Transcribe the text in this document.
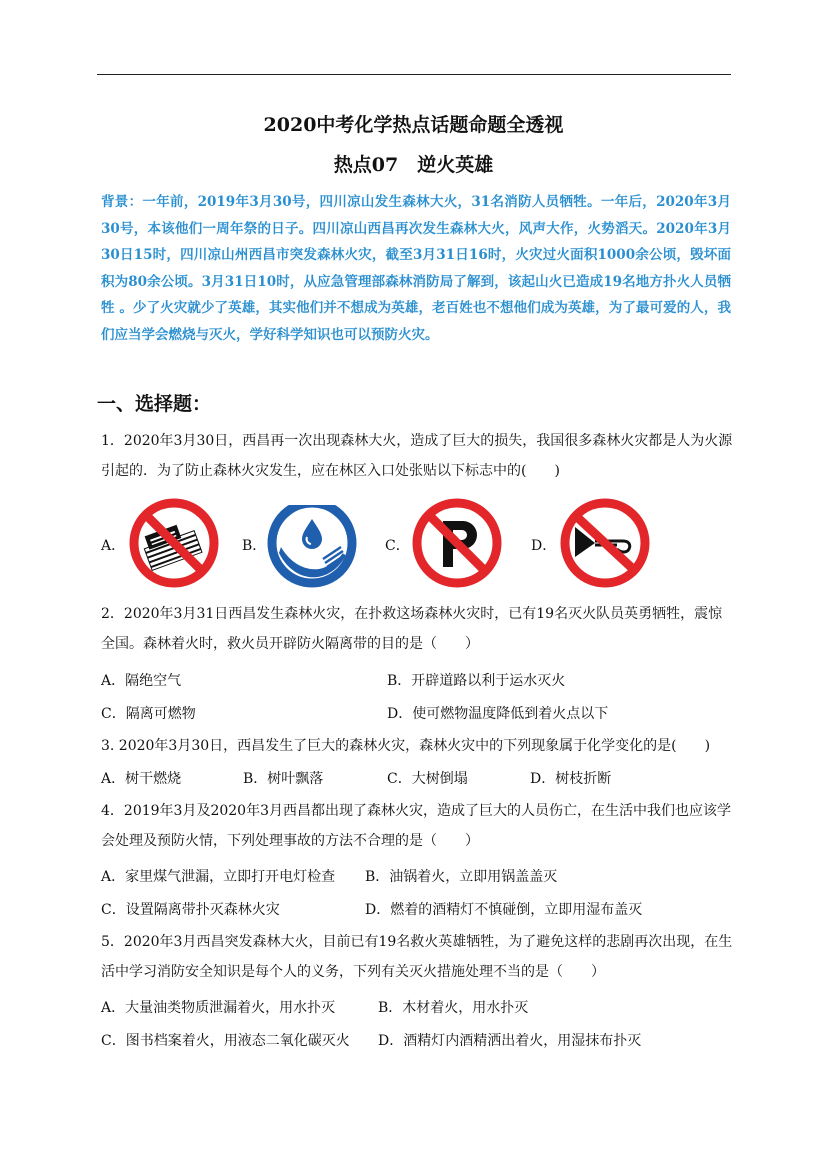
2020中考化学热点话题命题全透视
热点07　逆火英雄
背景：一年前，2019年3月30号，四川凉山发生森林大火，31名消防人员牺牲。一年后，2020年3月30号，本该他们一周年祭的日子。四川凉山西昌再次发生森林大火，风声大作，火势滔天。2020年3月30日15时，四川凉山州西昌市突发森林火灾，截至3月31日16时，火灾过火面积1000余公顷，毁坏面积为80余公顷。3月31日10时，从应急管理部森林消防局了解到，该起山火已造成19名地方扑火人员牺牲 。少了火灾就少了英雄，其实他们并不想成为英雄，老百姓也不想他们成为英雄，为了最可爱的人，我们应当学会燃烧与灭火，学好科学知识也可以预防火灾。
一、选择题：
1．2020年3月30日，西昌再一次出现森林大火，造成了巨大的损失，我国很多森林火灾都是人为火源引起的．为了防止森林火灾发生，应在林区入口处张贴以下标志中的(　　)
A．	B．	C．	D．
2．2020年3月31日西昌发生森林火灾，在扑救这场森林火灾时，已有19名灭火队员英勇牺牲，震惊全国。森林着火时，救火员开辟防火隔离带的目的是（　　）
A．隔绝空气	B．开辟道路以利于运水灭火
C．隔离可燃物	D．使可燃物温度降低到着火点以下
3. 2020年3月30日，西昌发生了巨大的森林火灾，森林火灾中的下列现象属于化学变化的是(　　)
A．树干燃烧	B．树叶飘落	C．大树倒塌	D．树枝折断
4．2019年3月及2020年3月西昌都出现了森林火灾，造成了巨大的人员伤亡，在生活中我们也应该学会处理及预防火情，下列处理事故的方法不合理的是（　　）
A．家里煤气泄漏，立即打开电灯检查 B．油锅着火，立即用锅盖盖灭
C．设置隔离带扑灭森林火灾	D．燃着的酒精灯不慎碰倒，立即用湿布盖灭
5．2020年3月西昌突发森林大火，目前已有19名救火英雄牺牲，为了避免这样的悲剧再次出现，在生活中学习消防安全知识是每个人的义务，下列有关灭火措施处理不当的是（　　）
A．大量油类物质泄漏着火，用水扑灭	B．木材着火，用水扑灭
C．图书档案着火，用液态二氧化碳灭火 D．酒精灯内酒精洒出着火，用湿抹布扑灭
